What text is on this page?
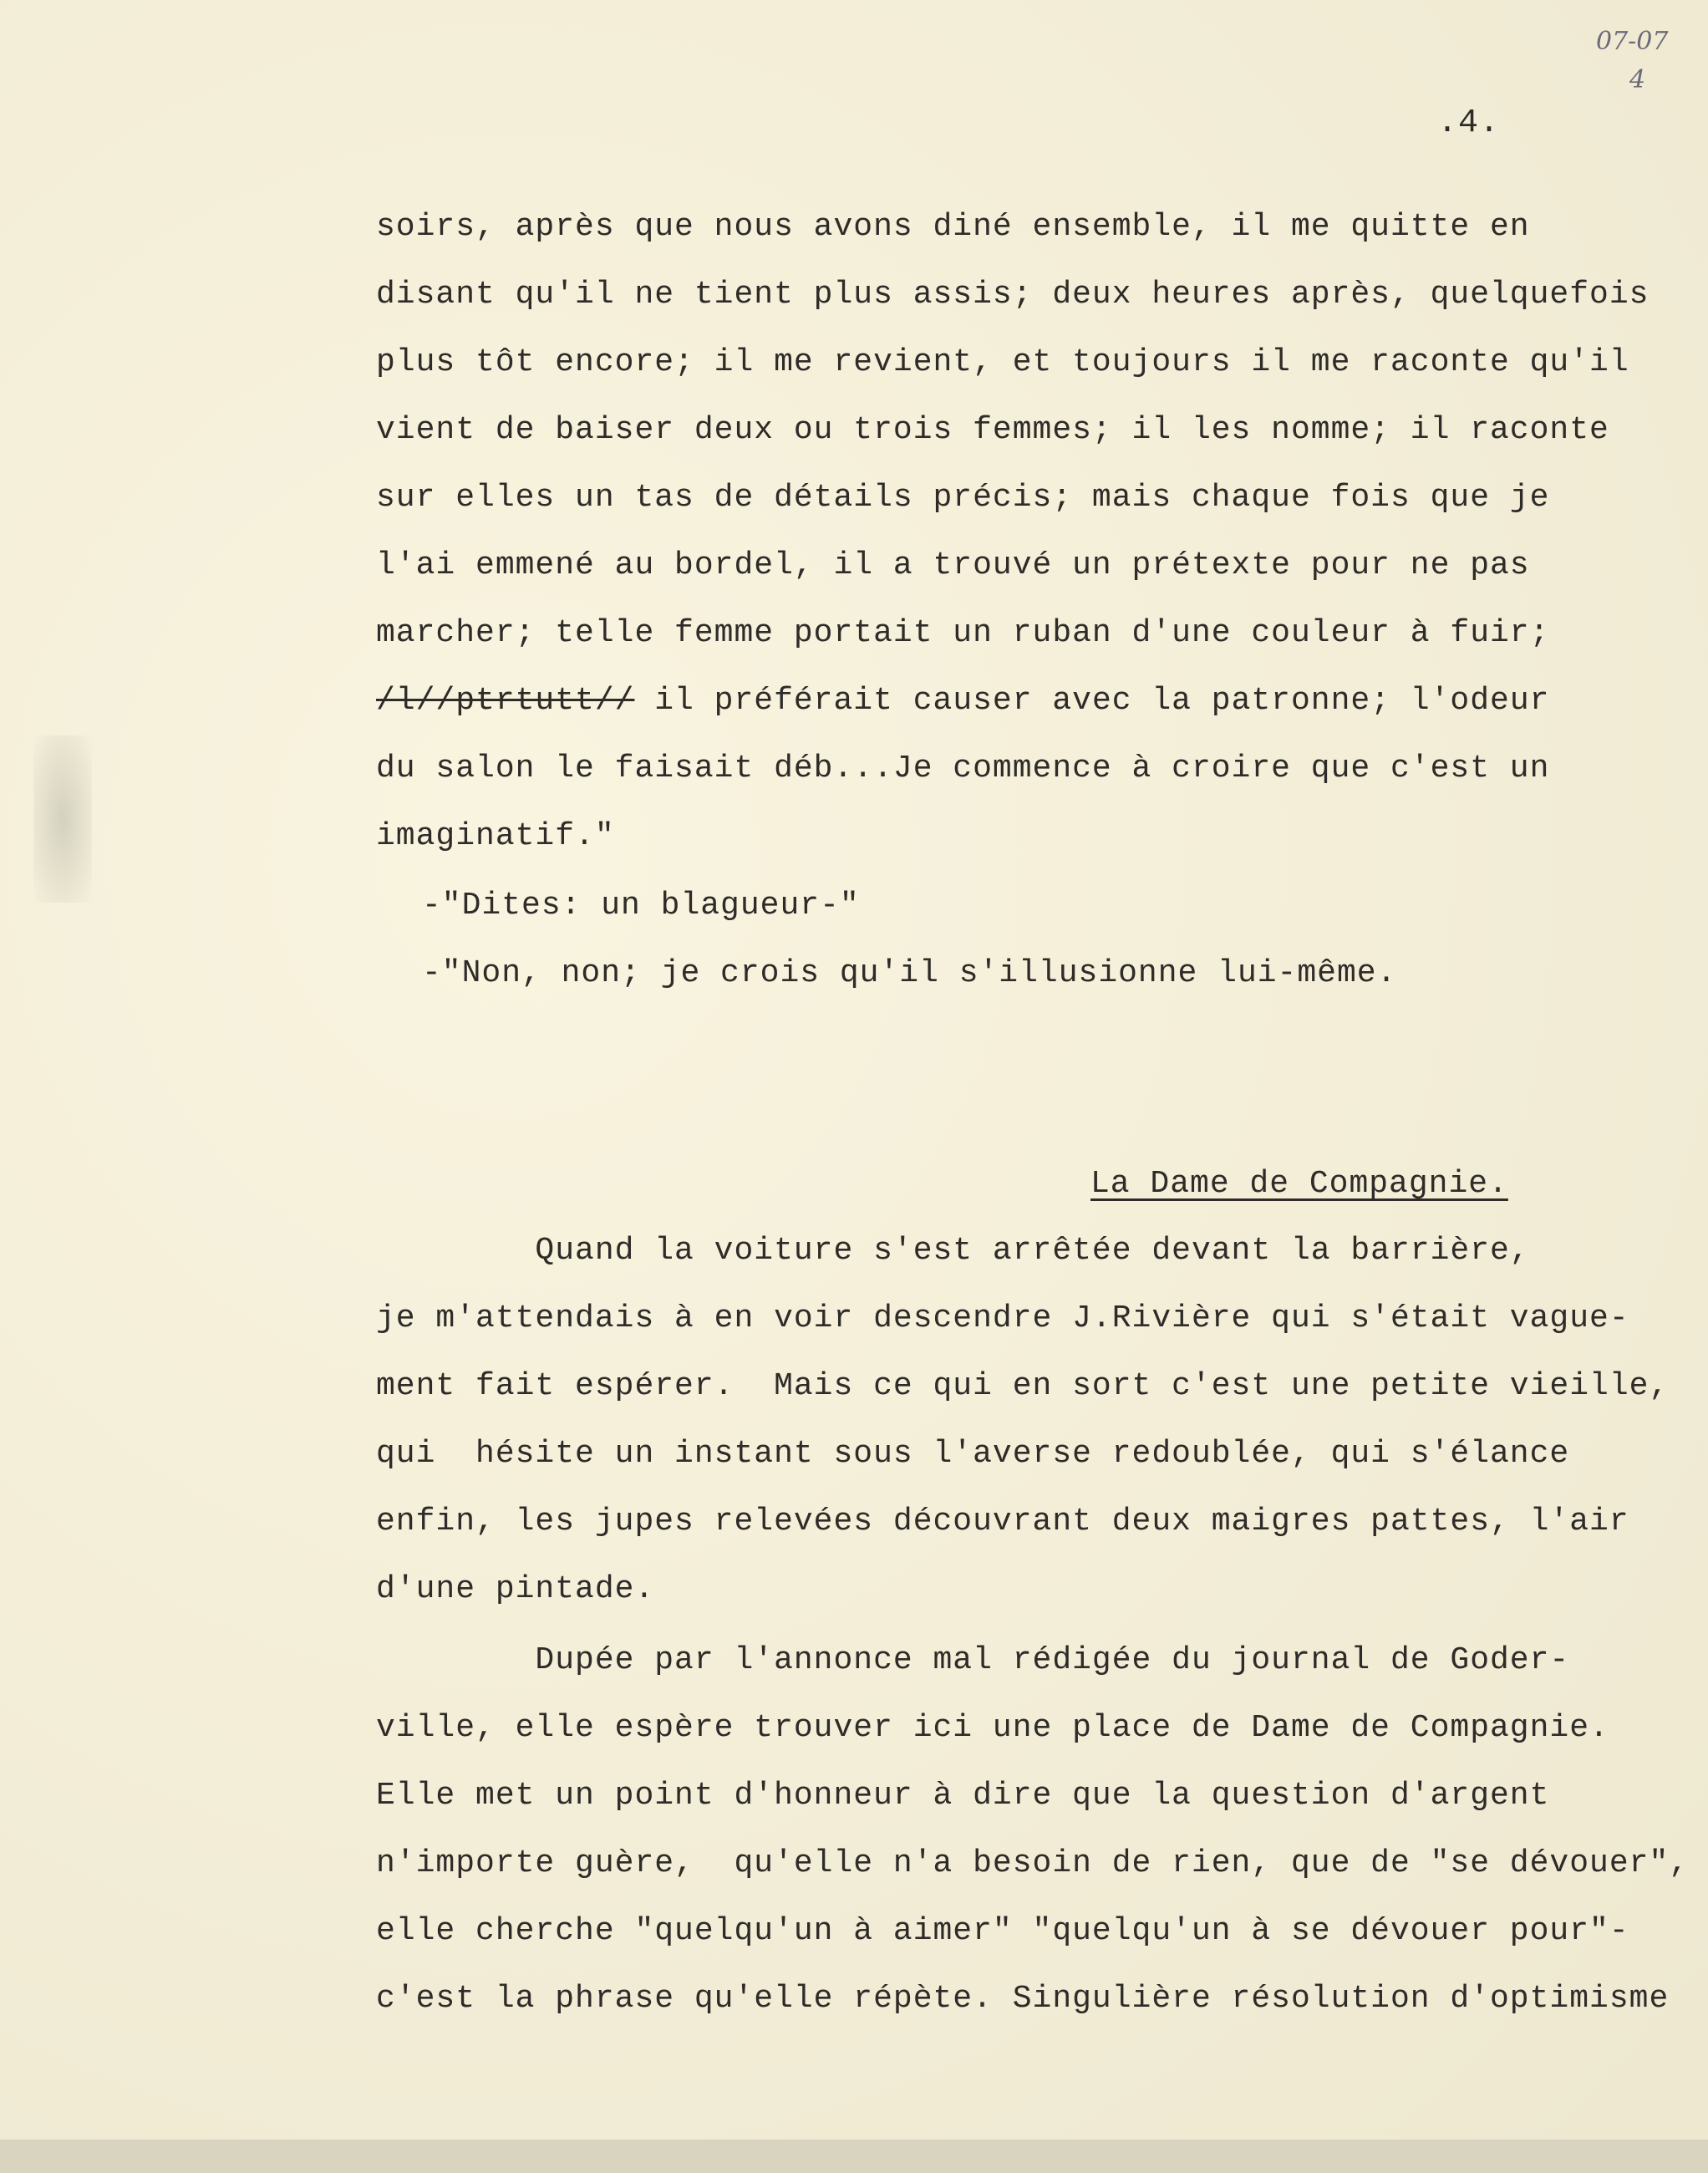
07-07
4
.4.
soirs, après que nous avons diné ensemble, il me quitte en
disant qu'il ne tient plus assis; deux heures après, quelquefois
plus tôt encore; il me revient, et toujours il me raconte qu'il
vient de baiser deux ou trois femmes; il les nomme; il raconte
sur elles un tas de détails précis; mais chaque fois que je
l'ai emmené au bordel, il a trouvé un prétexte pour ne pas
marcher; telle femme portait un ruban d'une couleur à fuir;
/l//ptrtutt// il préférait causer avec la patronne; l'odeur
du salon le faisait déb...Je commence à croire que c'est un
imaginatif."
-"Dites: un blagueur-"
-"Non, non; je crois qu'il s'illusionne lui-même.
La Dame de Compagnie.
Quand la voiture s'est arrêtée devant la barrière,
je m'attendais à en voir descendre J.Rivière qui s'était vague-
ment fait espérer.  Mais ce qui en sort c'est une petite vieille,
qui  hésite un instant sous l'averse redoublée, qui s'élance
enfin, les jupes relevées découvrant deux maigres pattes, l'air
d'une pintade.
Dupée par l'annonce mal rédigée du journal de Goder-
ville, elle espère trouver ici une place de Dame de Compagnie.
Elle met un point d'honneur à dire que la question d'argent
n'importe guère,  qu'elle n'a besoin de rien, que de "se dévouer",
elle cherche "quelqu'un à aimer" "quelqu'un à se dévouer pour"-
c'est la phrase qu'elle répète. Singulière résolution d'optimisme
